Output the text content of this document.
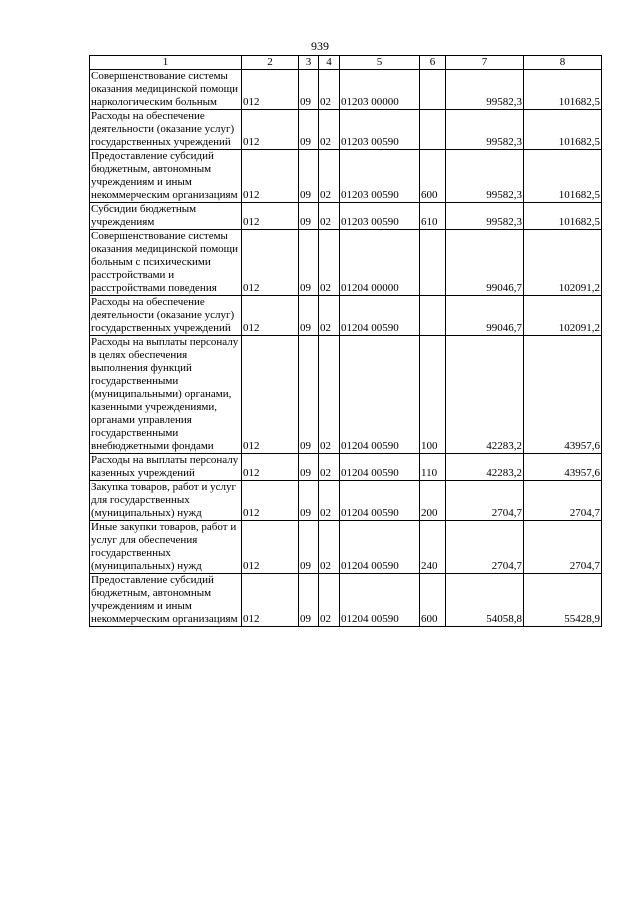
939
1	2	3	4	5	6	7	8
Совершенствование системы оказания медицинской помощи наркологическим больным	012	09	02	01203 00000		99582,3	101682,5
Расходы на обеспечение деятельности (оказание услуг) государственных учреждений	012	09	02	01203 00590		99582,3	101682,5
Предоставление субсидий бюджетным, автономным учреждениям и иным некоммерческим организациям	012	09	02	01203 00590	600	99582,3	101682,5
Субсидии бюджетным учреждениям	012	09	02	01203 00590	610	99582,3	101682,5
Совершенствование системы оказания медицинской помощи больным с психическими расстройствами и расстройствами поведения	012	09	02	01204 00000		99046,7	102091,2
Расходы на обеспечение деятельности (оказание услуг) государственных учреждений	012	09	02	01204 00590		99046,7	102091,2
Расходы на выплаты персоналу в целях обеспечения выполнения функций государственными (муниципальными) органами, казенными учреждениями, органами управления государственными внебюджетными фондами	012	09	02	01204 00590	100	42283,2	43957,6
Расходы на выплаты персоналу казенных учреждений	012	09	02	01204 00590	110	42283,2	43957,6
Закупка товаров, работ и услуг для государственных (муниципальных) нужд	012	09	02	01204 00590	200	2704,7	2704,7
Иные закупки товаров, работ и услуг для обеспечения государственных (муниципальных) нужд	012	09	02	01204 00590	240	2704,7	2704,7
Предоставление субсидий бюджетным, автономным учреждениям и иным некоммерческим организациям	012	09	02	01204 00590	600	54058,8	55428,9
